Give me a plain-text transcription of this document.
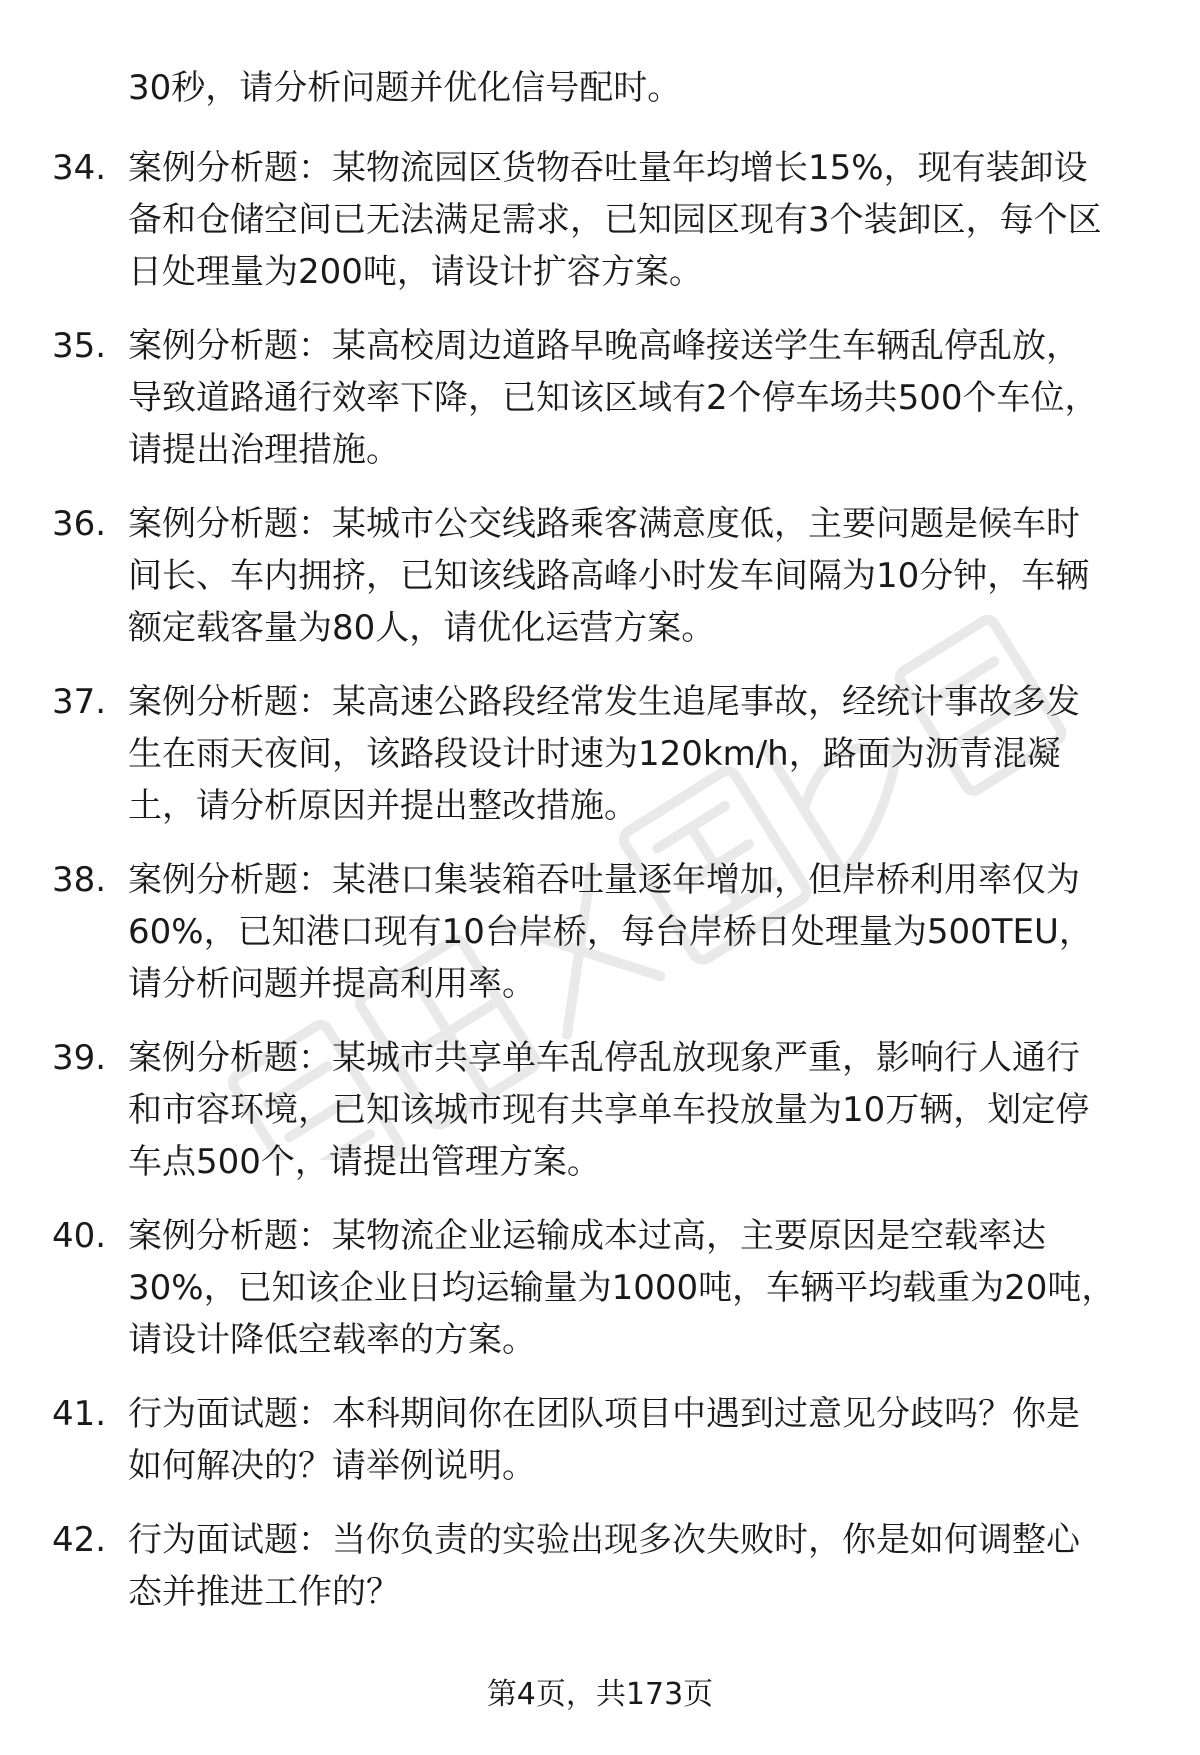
30秒，请分析问题并优化信号配时。
34. 案例分析题：某物流园区货物吞吐量年均增长15%，现有装卸设
备和仓储空间已无法满足需求，已知园区现有3个装卸区，每个区
日处理量为200吨，请设计扩容方案。
35. 案例分析题：某高校周边道路早晚高峰接送学生车辆乱停乱放，
导致道路通行效率下降，已知该区域有2个停车场共500个车位，
请提出治理措施。
36. 案例分析题：某城市公交线路乘客满意度低，主要问题是候车时
间长、车内拥挤，已知该线路高峰小时发车间隔为10分钟，车辆
额定载客量为80人，请优化运营方案。
37. 案例分析题：某高速公路段经常发生追尾事故，经统计事故多发
生在雨天夜间，该路段设计时速为120km/h，路面为沥青混凝
土，请分析原因并提出整改措施。
38. 案例分析题：某港口集装箱吞吐量逐年增加，但岸桥利用率仅为
60%，已知港口现有10台岸桥，每台岸桥日处理量为500TEU，
请分析问题并提高利用率。
39. 案例分析题：某城市共享单车乱停乱放现象严重，影响行人通行
和市容环境，已知该城市现有共享单车投放量为10万辆，划定停
车点500个，请提出管理方案。
40. 案例分析题：某物流企业运输成本过高，主要原因是空载率达
30%，已知该企业日均运输量为1000吨，车辆平均载重为20吨，
请设计降低空载率的方案。
41. 行为面试题：本科期间你在团队项目中遇到过意见分歧吗？你是
如何解决的？请举例说明。
42. 行为面试题：当你负责的实验出现多次失败时，你是如何调整心
态并推进工作的？
第4页，共173页
